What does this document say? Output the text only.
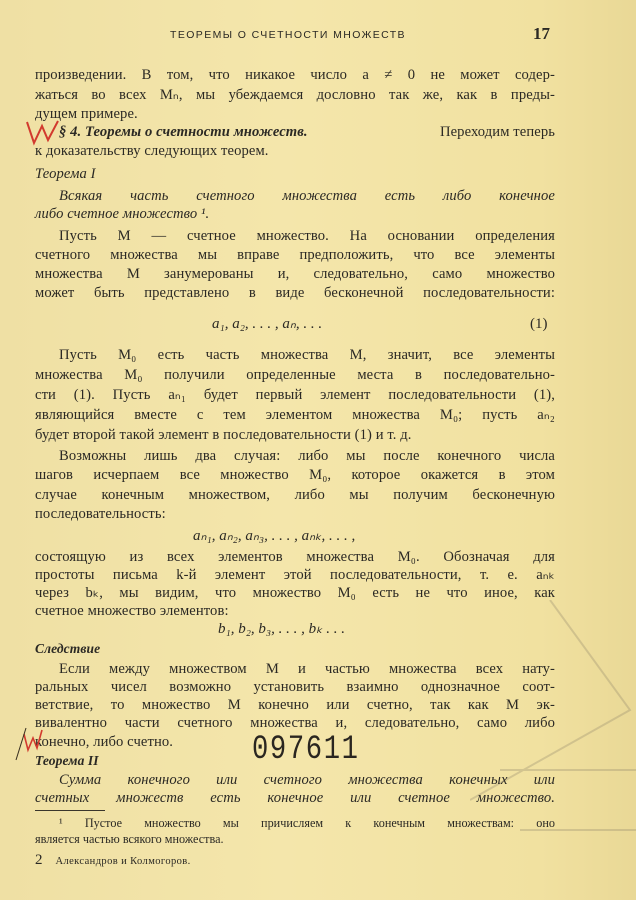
ТЕОРЕМЫ О СЧЕТНОСТИ МНОЖЕСТВ	17
произведении. В том, что никакое число a ≠ 0 не может содер-
жаться во всех Mₙ, мы убеждаемся дословно так же, как в преды-
дущем примере.
§ 4. Теоремы о счетности множеств.	Переходим теперь
к доказательству следующих теорем.
Теорема I
Всякая часть счетного множества есть либо конечное
либо счетное множество ¹.
Пусть M — счетное множество. На основании определения
счетного множества мы вправе предположить, что все элементы
множества M занумерованы и, следовательно, само множество
может быть представлено в виде бесконечной последовательности:
a₁, a₂, . . . , aₙ, . . .	(1)
Пусть M₀ есть часть множества M, значит, все элементы
множества M₀ получили определенные места в последовательно-
сти (1). Пусть aₙ₁ будет первый элемент последовательности (1),
являющийся вместе с тем элементом множества M₀; пусть aₙ₂
будет второй такой элемент в последовательности (1) и т. д.
Возможны лишь два случая: либо мы после конечного числа
шагов исчерпаем все множество M₀, которое окажется в этом
случае конечным множеством, либо мы получим бесконечную
последовательность:
aₙ₁, aₙ₂, aₙ₃, . . . , aₙₖ, . . . ,
состоящую из всех элементов множества M₀. Обозначая для
простоты письма k-й элемент этой последовательности, т. е. aₙₖ
через bₖ, мы видим, что множество M₀ есть не что иное, как
счетное множество элементов:
b₁, b₂, b₃, . . . , bₖ . . .
Следствие
Если между множеством M и частью множества всех нату-
ральных чисел возможно установить взаимно однозначное соот-
ветствие, то множество M конечно или счетно, так как M эк-
вивалентно части счетного множества и, следовательно, само либо
конечно, либо счетно. 097611
Теорема II
Сумма конечного или счетного множества конечных или
счетных множеств есть конечное или счетное множество.
¹ Пустое множество мы причисляем к конечным множествам: оно
является частью всякого множества.
2 Александров и Колмогоров.
